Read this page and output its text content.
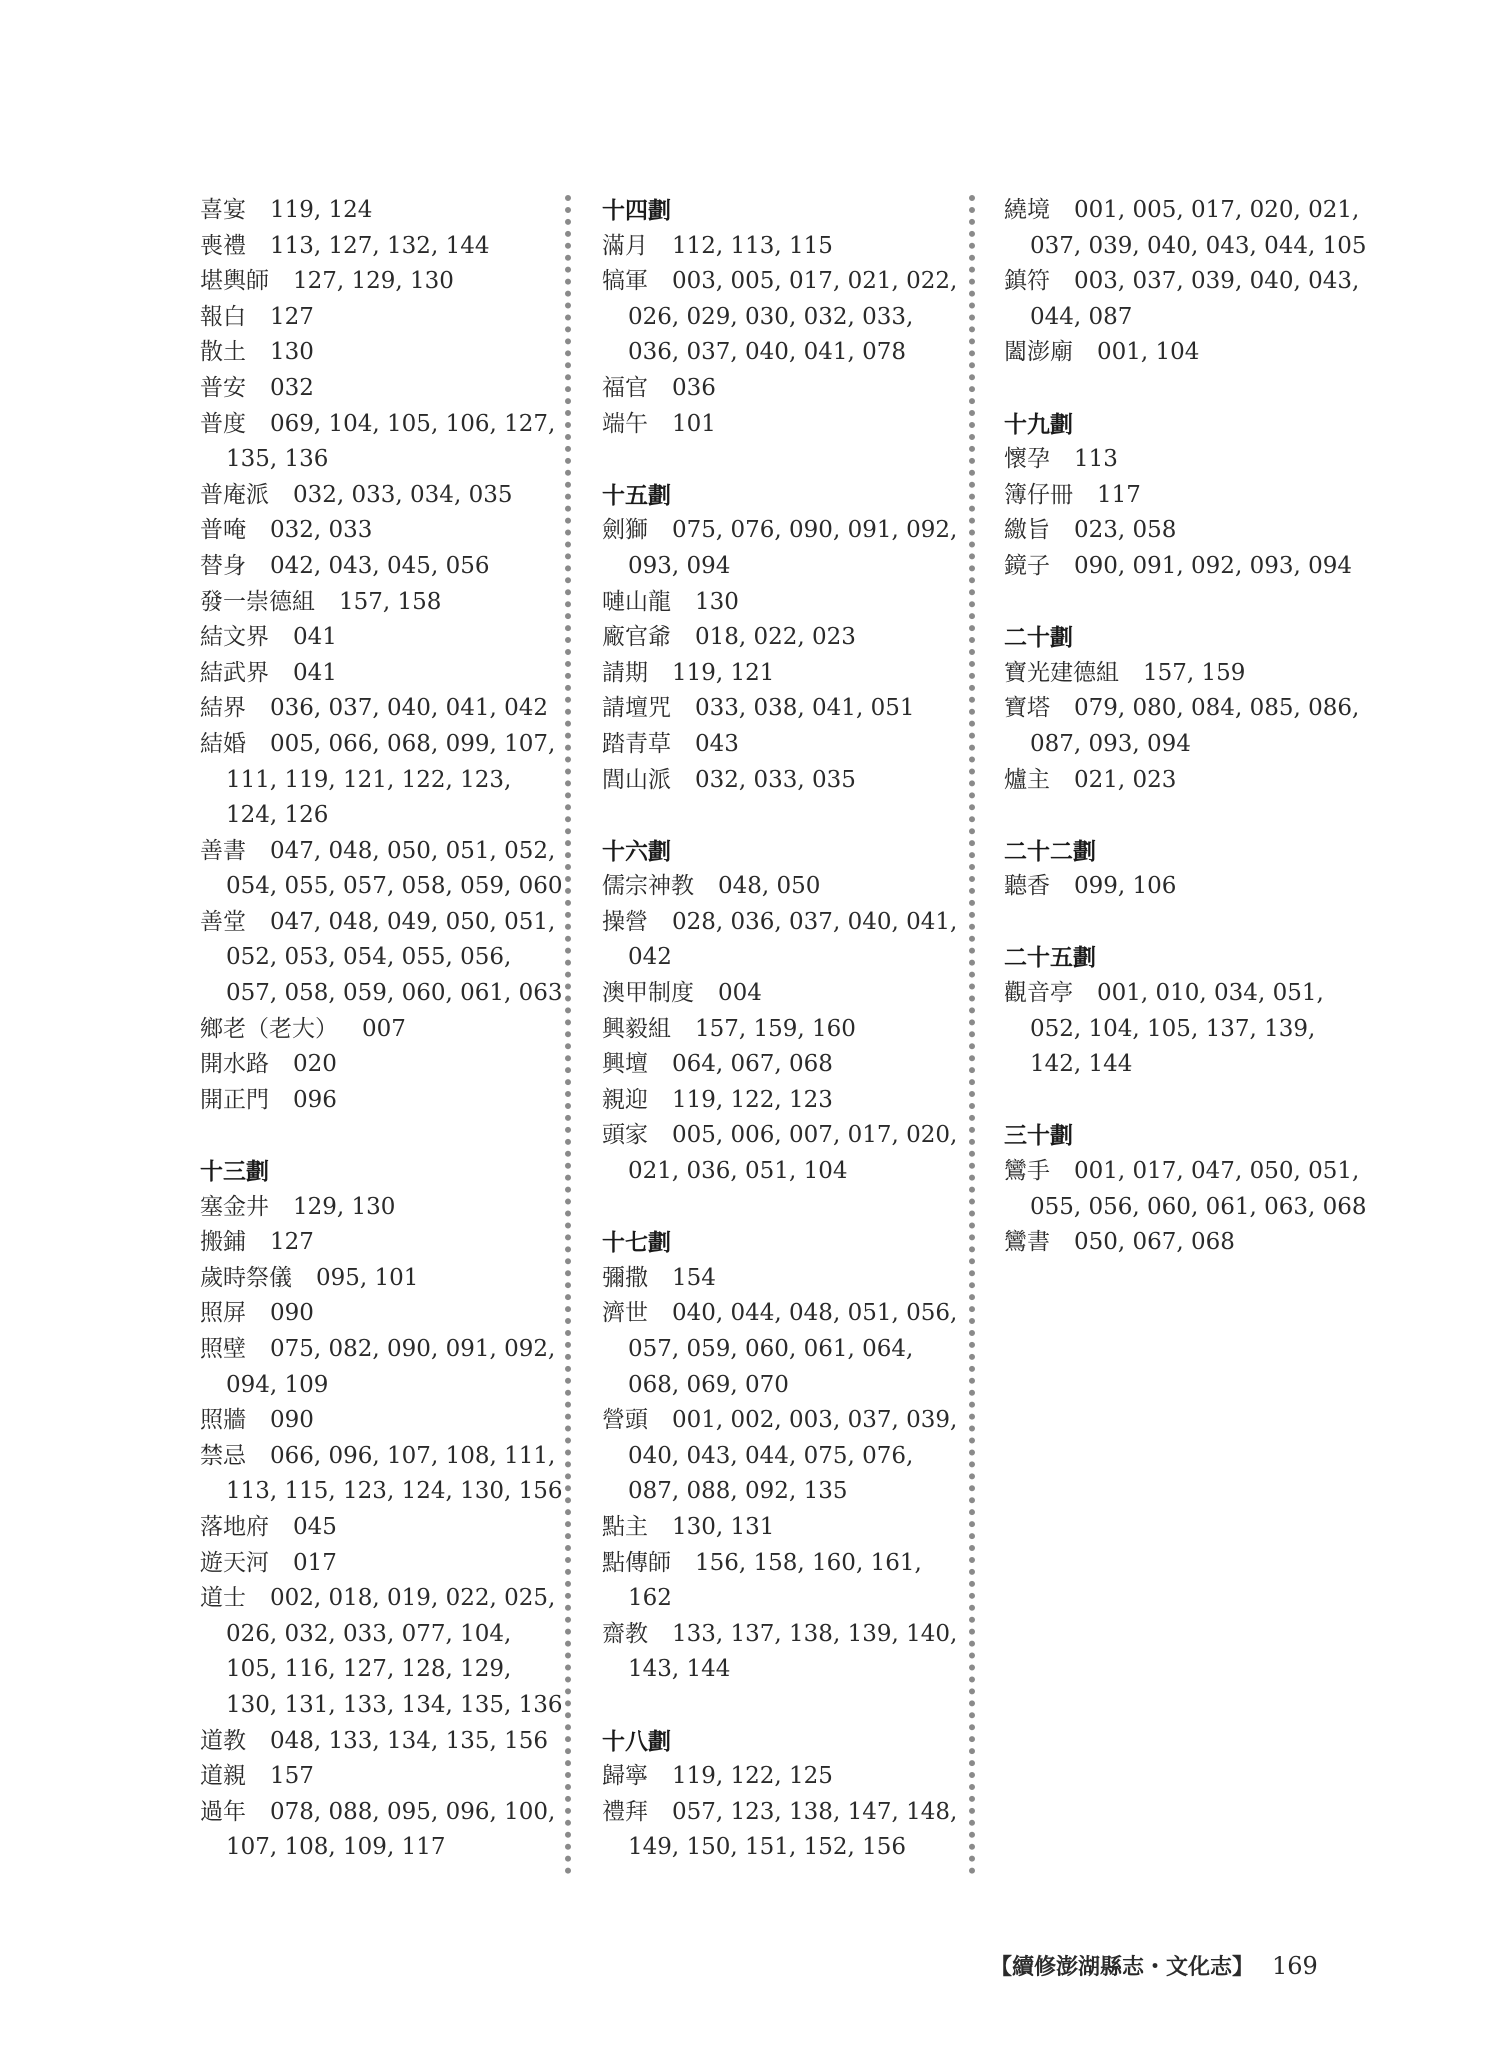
喜宴 119, 124
喪禮 113, 127, 132, 144
堪輿師 127, 129, 130
報白 127
散土 130
普安 032
普度 069, 104, 105, 106, 127,
135, 136
普庵派 032, 033, 034, 035
普唵 032, 033
替身 042, 043, 045, 056
發一崇德組 157, 158
結文界 041
結武界 041
結界 036, 037, 040, 041, 042
結婚 005, 066, 068, 099, 107,
111, 119, 121, 122, 123,
124, 126
善書 047, 048, 050, 051, 052,
054, 055, 057, 058, 059, 060
善堂 047, 048, 049, 050, 051,
052, 053, 054, 055, 056,
057, 058, 059, 060, 061, 063
鄉老（老大） 007
開水路 020
開正門 096
十三劃
塞金井 129, 130
搬鋪 127
歲時祭儀 095, 101
照屏 090
照壁 075, 082, 090, 091, 092,
094, 109
照牆 090
禁忌 066, 096, 107, 108, 111,
113, 115, 123, 124, 130, 156
落地府 045
遊天河 017
道士 002, 018, 019, 022, 025,
026, 032, 033, 077, 104,
105, 116, 127, 128, 129,
130, 131, 133, 134, 135, 136
道教 048, 133, 134, 135, 156
道親 157
過年 078, 088, 095, 096, 100,
107, 108, 109, 117
十四劃
滿月 112, 113, 115
犒軍 003, 005, 017, 021, 022,
026, 029, 030, 032, 033,
036, 037, 040, 041, 078
福官 036
端午 101
十五劃
劍獅 075, 076, 090, 091, 092,
093, 094
嗹山龍 130
廠官爺 018, 022, 023
請期 119, 121
請壇咒 033, 038, 041, 051
踏青草 043
閭山派 032, 033, 035
十六劃
儒宗神教 048, 050
操營 028, 036, 037, 040, 041,
042
澳甲制度 004
興毅組 157, 159, 160
興壇 064, 067, 068
親迎 119, 122, 123
頭家 005, 006, 007, 017, 020,
021, 036, 051, 104
十七劃
彌撒 154
濟世 040, 044, 048, 051, 056,
057, 059, 060, 061, 064,
068, 069, 070
營頭 001, 002, 003, 037, 039,
040, 043, 044, 075, 076,
087, 088, 092, 135
點主 130, 131
點傳師 156, 158, 160, 161,
162
齋教 133, 137, 138, 139, 140,
143, 144
十八劃
歸寧 119, 122, 125
禮拜 057, 123, 138, 147, 148,
149, 150, 151, 152, 156
繞境 001, 005, 017, 020, 021,
037, 039, 040, 043, 044, 105
鎮符 003, 037, 039, 040, 043,
044, 087
闔澎廟 001, 104
十九劃
懷孕 113
簿仔冊 117
繳旨 023, 058
鏡子 090, 091, 092, 093, 094
二十劃
寶光建德組 157, 159
寶塔 079, 080, 084, 085, 086,
087, 093, 094
爐主 021, 023
二十二劃
聽香 099, 106
二十五劃
觀音亭 001, 010, 034, 051,
052, 104, 105, 137, 139,
142, 144
三十劃
鸞手 001, 017, 047, 050, 051,
055, 056, 060, 061, 063, 068
鸞書 050, 067, 068
【續修澎湖縣志・文化志】 169
